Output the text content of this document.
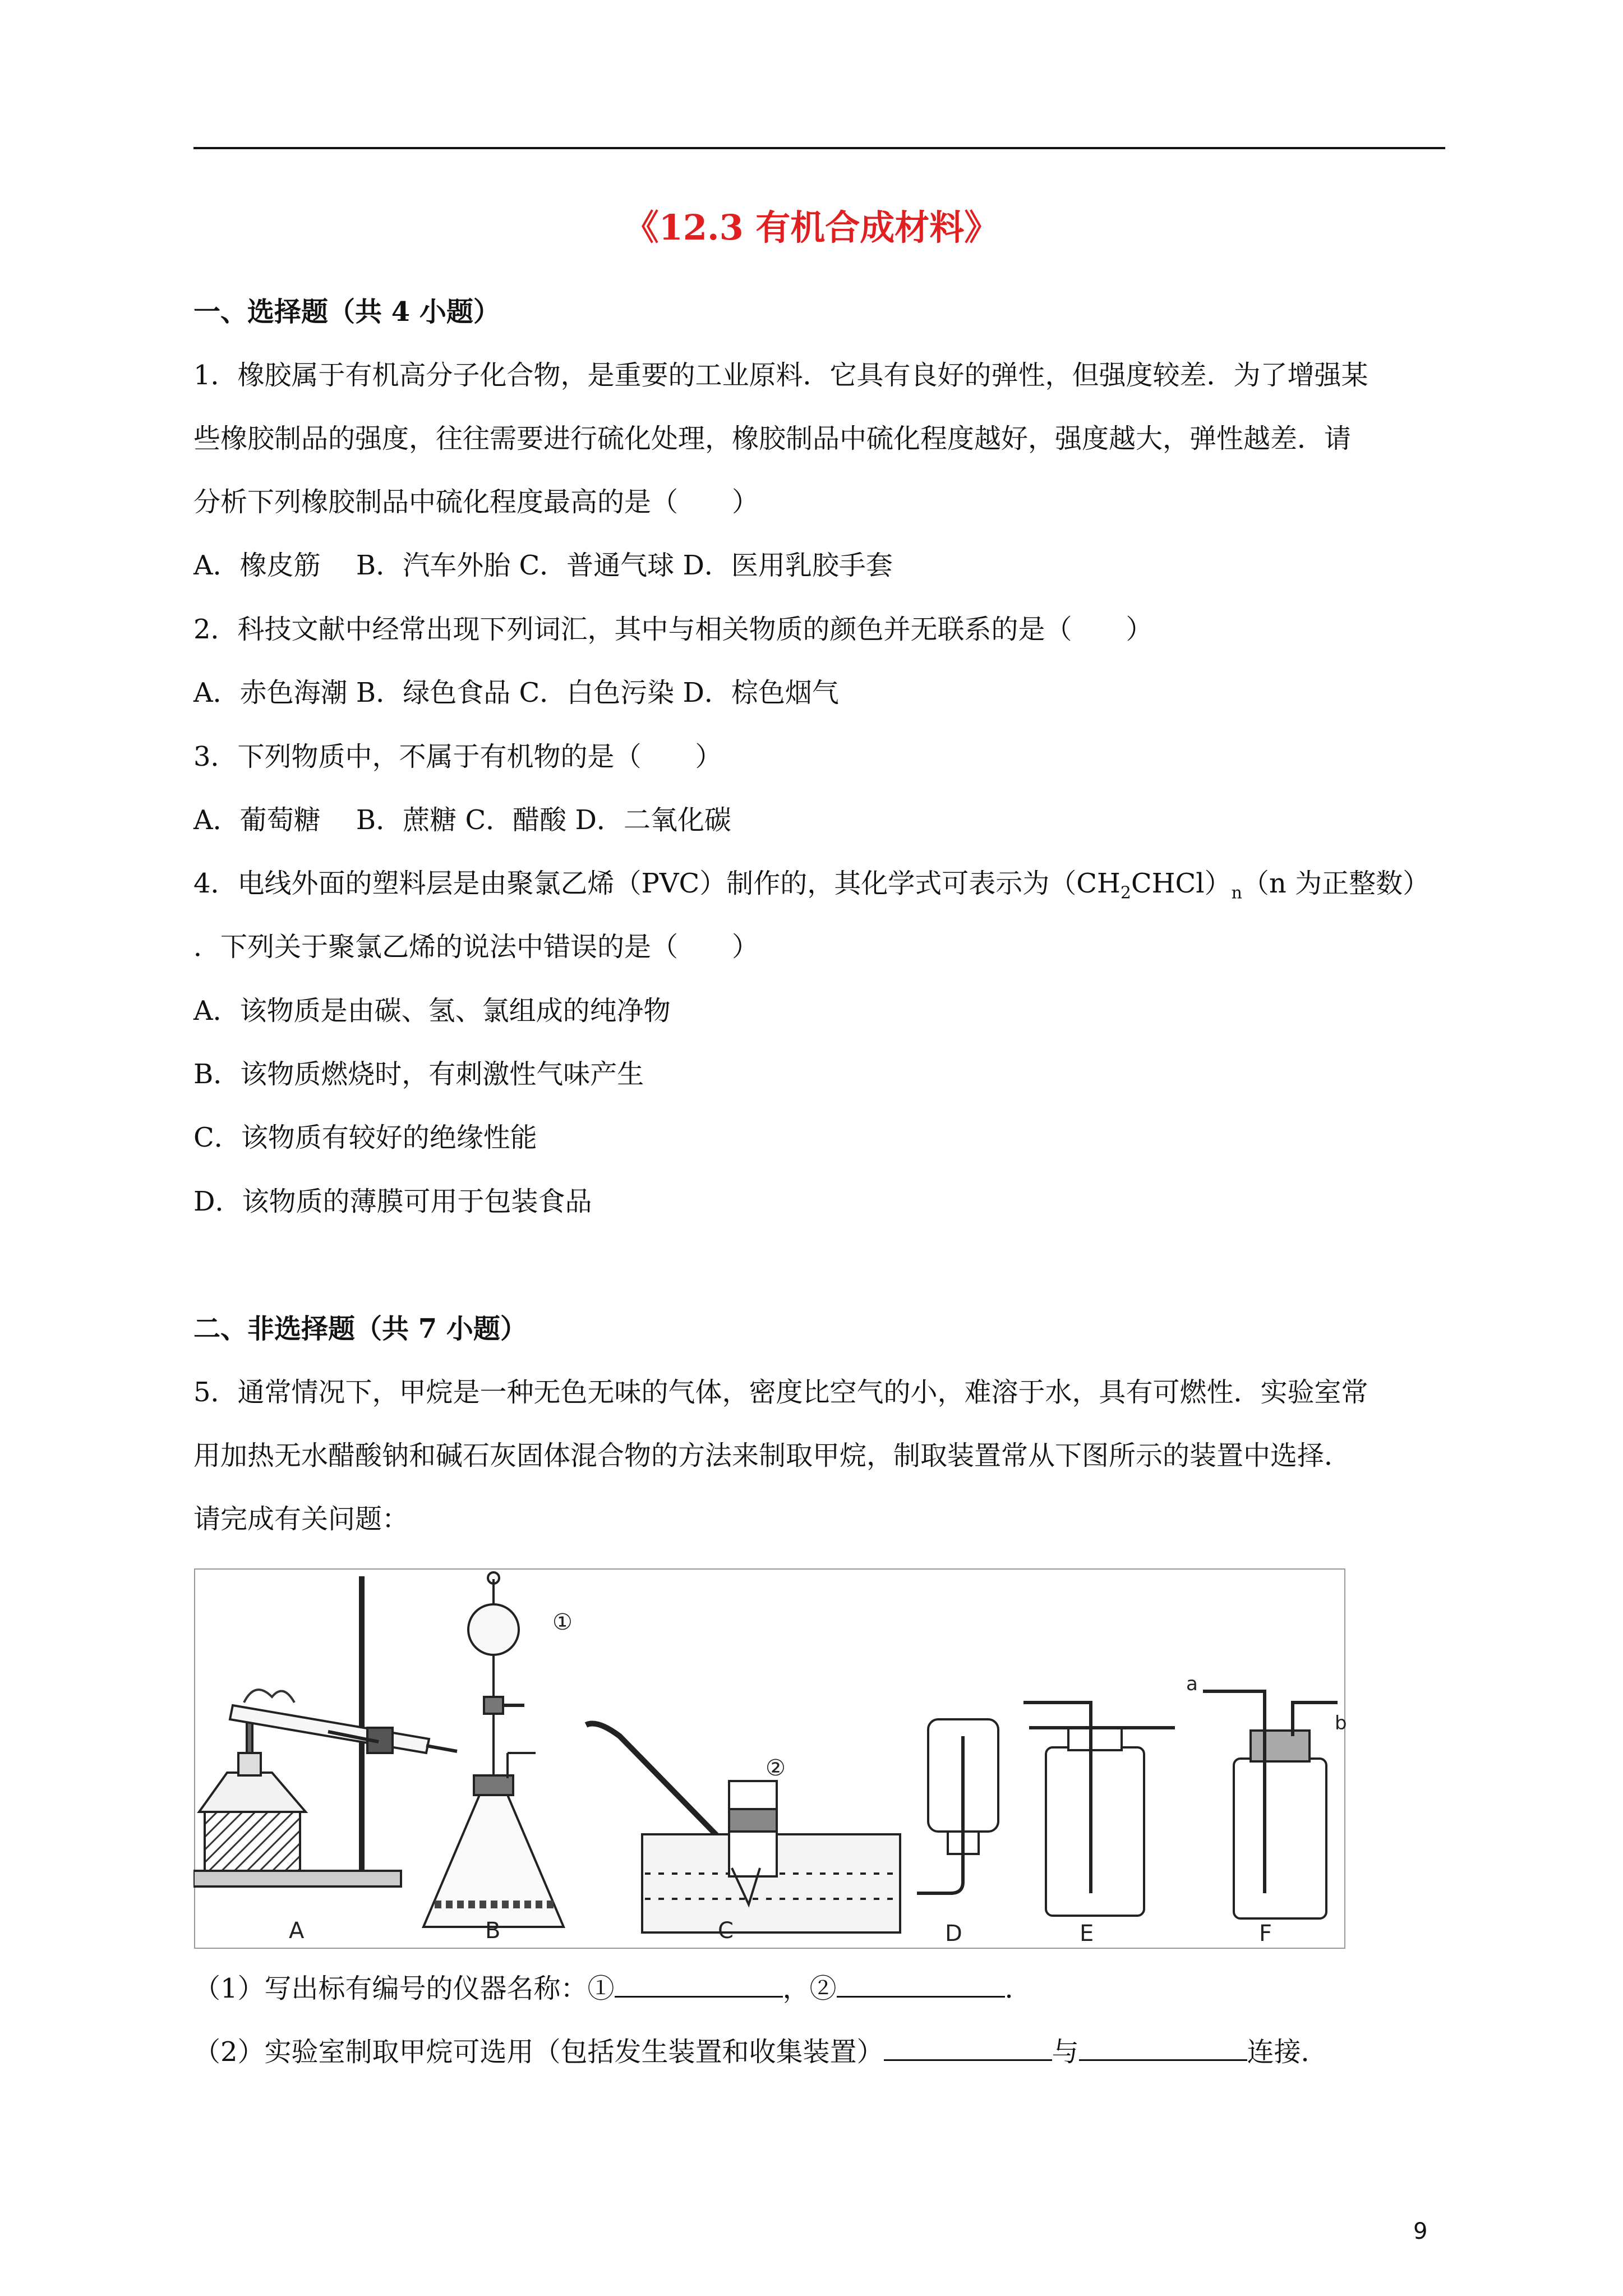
《12.3 有机合成材料》
一、选择题（共 4 小题）
1．橡胶属于有机高分子化合物，是重要的工业原料．它具有良好的弹性，但强度较差．为了增强某
些橡胶制品的强度，往往需要进行硫化处理，橡胶制品中硫化程度越好，强度越大，弹性越差．请
分析下列橡胶制品中硫化程度最高的是（　　）
A．橡皮筋　 B．汽车外胎 C．普通气球 D．医用乳胶手套
2．科技文献中经常出现下列词汇，其中与相关物质的颜色并无联系的是（　　）
A．赤色海潮 B．绿色食品 C．白色污染 D．棕色烟气
3．下列物质中，不属于有机物的是（　　）
A．葡萄糖　 B．蔗糖 C．醋酸 D．二氧化碳
4．电线外面的塑料层是由聚氯乙烯（PVC）制作的，其化学式可表示为$(CH_2CHCl)_n(n$ 为正整数）
．下列关于聚氯乙烯的说法中错误的是（　　）
A．该物质是由碳、氢、氯组成的纯净物
B．该物质燃烧时，有刺激性气味产生
C．该物质有较好的绝缘性能
D．该物质的薄膜可用于包装食品
二、非选择题（共 7 小题）
5．通常情况下，甲烷是一种无色无味的气体，密度比空气的小，难溶于水，具有可燃性．实验室常
用加热无水醋酸钠和碱石灰固体混合物的方法来制取甲烷，制取装置常从下图所示的装置中选择．
请完成有关问题：
①
②
a
b
A	B	C	D	E	F
（1）写出标有编号的仪器名称：①	，②	．
（2）实验室制取甲烷可选用（包括发生装置和收集装置）	与	连接．
9
